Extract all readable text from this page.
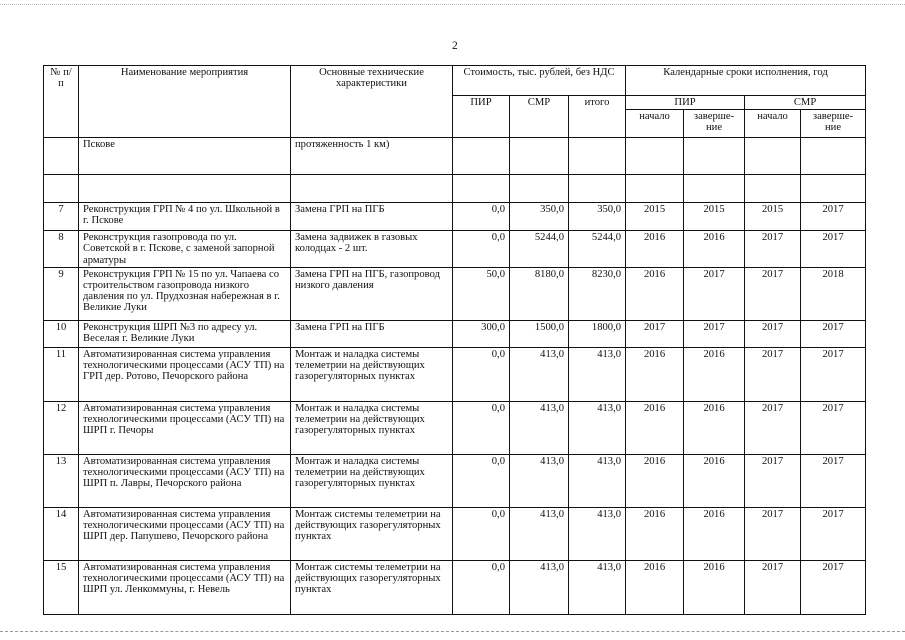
2
№ п/п	Наименование мероприятия	Основные технические характеристики	Стоимость, тыс. рублей, без НДС			Календарные сроки исполнения, год			
			ПИР	СМР	итого	ПИР		СМР	
						начало	заверше-ние	начало	заверше-ние
	Пскове	протяженность 1 км)							

7	Реконструкция ГРП № 4 по ул. Школьной в г. Пскове	Замена ГРП на ПГБ	0,0	350,0	350,0	2015	2015	2015	2017
8	Реконструкция газопровода по ул. Советской в г. Пскове, с заменой запорной арматуры	Замена задвижек в газовых колодцах - 2 шт.	0,0	5244,0	5244,0	2016	2016	2017	2017
9	Реконструкция ГРП № 15 по ул. Чапаева со строительством газопровода низкого давления по ул. Прудхозная набережная в г. Великие Луки	Замена ГРП на ПГБ, газопровод низкого давления	50,0	8180,0	8230,0	2016	2017	2017	2018
10	Реконструкция ШРП №3 по адресу ул. Веселая г. Великие Луки	Замена ГРП на ПГБ	300,0	1500,0	1800,0	2017	2017	2017	2017
11	Автоматизированная система управления технологическими процессами (АСУ ТП) на ГРП дер. Ротово, Печорского района	Монтаж и наладка системы телеметрии на действующих газорегуляторных пунктах	0,0	413,0	413,0	2016	2016	2017	2017
12	Автоматизированная система управления технологическими процессами (АСУ ТП) на ШРП г. Печоры	Монтаж и наладка системы телеметрии на действующих газорегуляторных пунктах	0,0	413,0	413,0	2016	2016	2017	2017
13	Автоматизированная система управления технологическими процессами (АСУ ТП) на ШРП п. Лавры, Печорского района	Монтаж и наладка системы телеметрии на действующих газорегуляторных пунктах	0,0	413,0	413,0	2016	2016	2017	2017
14	Автоматизированная система управления технологическими процессами (АСУ ТП) на ШРП дер. Папушево, Печорского района	Монтаж системы телеметрии на действующих газорегуляторных пунктах	0,0	413,0	413,0	2016	2016	2017	2017
15	Автоматизированная система управления технологическими процессами (АСУ ТП) на ШРП ул. Ленкоммуны, г. Невель	Монтаж системы телеметрии на действующих газорегуляторных пунктах	0,0	413,0	413,0	2016	2016	2017	2017
